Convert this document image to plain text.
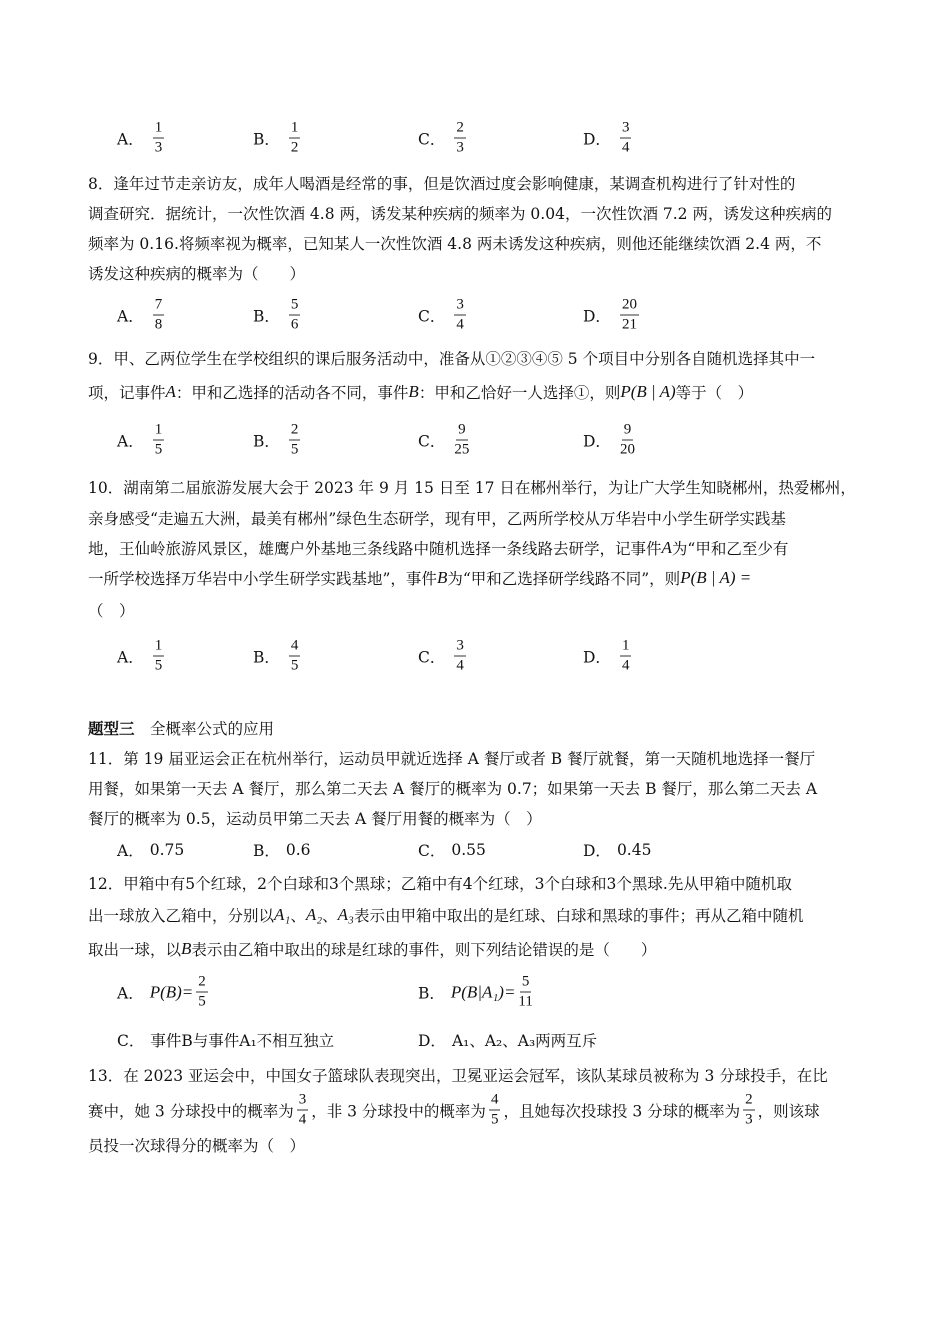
A． $\frac{1}{3}$	B． $\frac{1}{2}$	C． $\frac{2}{3}$	D． $\frac{3}{4}$
8．逢年过节走亲访友，成年人喝酒是经常的事，但是饮酒过度会影响健康，某调查机构进行了针对性的
调查研究．据统计，一次性饮酒 4.8 两，诱发某种疾病的频率为 0.04，一次性饮酒 7.2 两，诱发这种疾病的
频率为 0.16.将频率视为概率，已知某人一次性饮酒 4.8 两未诱发这种疾病，则他还能继续饮酒 2.4 两，不
诱发这种疾病的概率为（　　）
A． $\frac{7}{8}$	B． $\frac{5}{6}$	C． $\frac{3}{4}$	D． $\frac{20}{21}$
9．甲、乙两位学生在学校组织的课后服务活动中，准备从①②③④⑤ 5 个项目中分别各自随机选择其中一
项，记事件 A ：甲和乙选择的活动各不同，事件 B ：甲和乙恰好一人选择①，则 P(B | A) 等于（　）
A． $\frac{1}{5}$	B． $\frac{2}{5}$	C． $\frac{9}{25}$	D． $\frac{9}{20}$
10．湖南第二届旅游发展大会于 2023 年 9 月 15 日至 17 日在郴州举行，为让广大学生知晓郴州，热爱郴州，
亲身感受“走遍五大洲，最美有郴州”绿色生态研学，现有甲，乙两所学校从万华岩中小学生研学实践基
地，王仙岭旅游风景区，雄鹰户外基地三条线路中随机选择一条线路去研学，记事件 A 为“甲和乙至少有
一所学校选择万华岩中小学生研学实践基地”，事件 B 为“甲和乙选择研学线路不同”，则 P(B | A) =
（　）
A． $\frac{1}{5}$	B． $\frac{4}{5}$	C． $\frac{3}{4}$	D． $\frac{1}{4}$
题型三 　全概率公式的应用
11．第 19 届亚运会正在杭州举行，运动员甲就近选择 A 餐厅或者 B 餐厅就餐，第一天随机地选择一餐厅
用餐，如果第一天去 A 餐厅，那么第二天去 A 餐厅的概率为 0.7；如果第一天去 B 餐厅，那么第二天去 A
餐厅的概率为 0.5，运动员甲第二天去 A 餐厅用餐的概率为（　）
A． 0.75	B． 0.6	C． 0.55	D． 0.45
12．甲箱中有5个红球，2个白球和3个黑球；乙箱中有4个红球，3个白球和3个黑球.先从甲箱中随机取
出一球放入乙箱中，分别以 A₁ 、 A₂ 、 A₃ 表示由甲箱中取出的是红球、白球和黑球的事件；再从乙箱中随机
取出一球，以 B 表示由乙箱中取出的球是红球的事件，则下列结论错误的是（　　）
A． $P(B)= \frac{2}{5}$	B． $P(B|A_1)= \frac{5}{11}$
C． 事件B与事件A₁不相互独立	D． A₁、A₂、A₃两两互斥
13．在 2023 亚运会中，中国女子篮球队表现突出，卫冕亚运会冠军，该队某球员被称为 3 分球投手，在比
赛中，她 3 分球投中的概率为 $\frac{3}{4}$ ，非 3 分球投中的概率为 $\frac{4}{5}$ ，且她每次投球投 3 分球的概率为 $\frac{2}{3}$ ，则该球
员投一次球得分的概率为（　）
